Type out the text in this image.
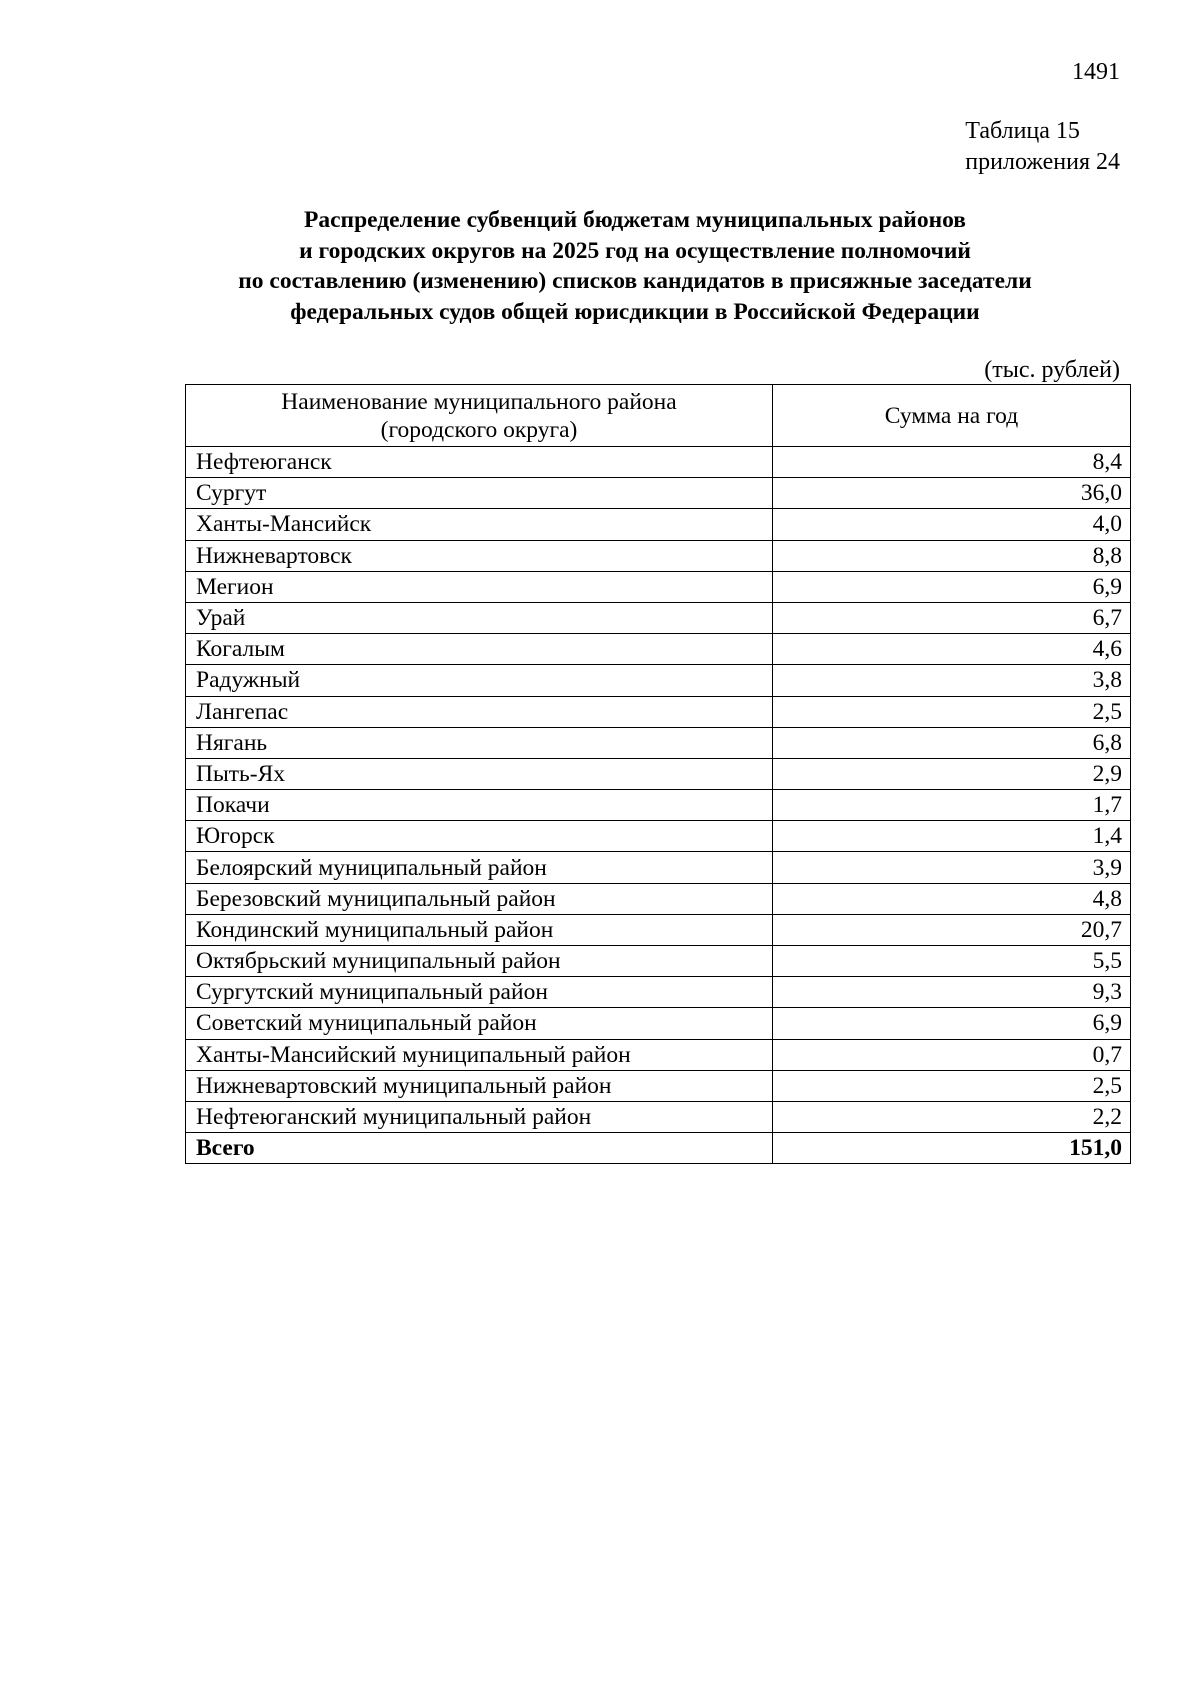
1491
Таблица 15
приложения 24
Распределение субвенций бюджетам муниципальных районов
и городских округов на 2025 год на осуществление полномочий
по составлению (изменению) списков кандидатов в присяжные заседатели
федеральных судов общей юрисдикции в Российской Федерации
(тыс. рублей)
Наименование муниципального района
(городского округа)	Сумма на год
Нефтеюганск	8,4
Сургут	36,0
Ханты-Мансийск	4,0
Нижневартовск	8,8
Мегион	6,9
Урай	6,7
Когалым	4,6
Радужный	3,8
Лангепас	2,5
Нягань	6,8
Пыть-Ях	2,9
Покачи	1,7
Югорск	1,4
Белоярский муниципальный район	3,9
Березовский муниципальный район	4,8
Кондинский муниципальный район	20,7
Октябрьский муниципальный район	5,5
Сургутский муниципальный район	9,3
Советский муниципальный район	6,9
Ханты-Мансийский муниципальный район	0,7
Нижневартовский муниципальный район	2,5
Нефтеюганский муниципальный район	2,2
Всего	151,0
